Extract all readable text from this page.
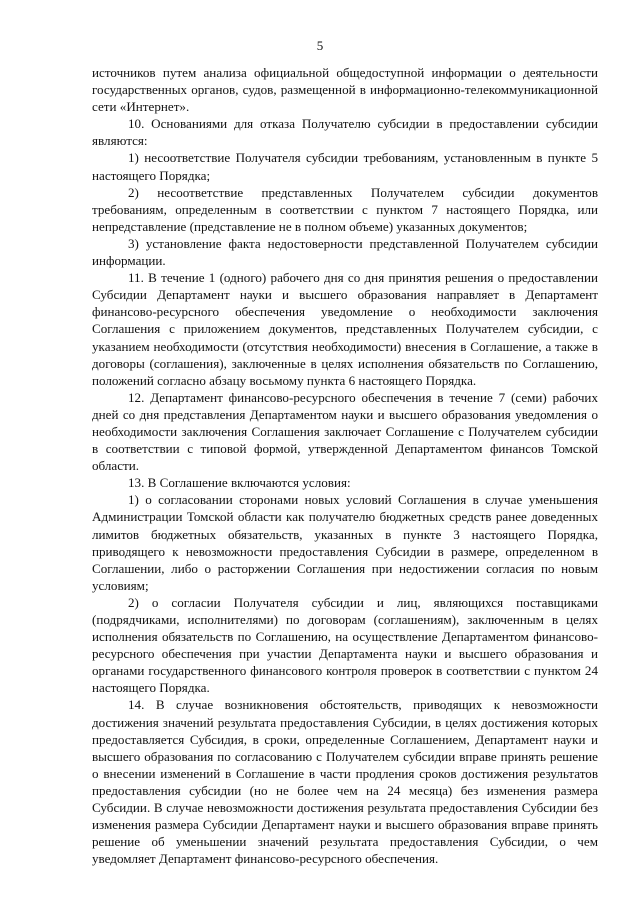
5

источников путем анализа официальной общедоступной информации о деятельности государственных органов, судов, размещенной в информационно-телекоммуникационной сети «Интернет».

10. Основаниями для отказа Получателю субсидии в предоставлении субсидии являются:

1) несоответствие Получателя субсидии требованиям, установленным в пункте 5 настоящего Порядка;

2) несоответствие представленных Получателем субсидии документов требованиям, определенным в соответствии с пунктом 7 настоящего Порядка, или непредставление (представление не в полном объеме) указанных документов;

3) установление факта недостоверности представленной Получателем субсидии информации.

11. В течение 1 (одного) рабочего дня со дня принятия решения о предоставлении Субсидии Департамент науки и высшего образования направляет в Департамент финансово-ресурсного обеспечения уведомление о необходимости заключения Соглашения с приложением документов, представленных Получателем субсидии, с указанием необходимости (отсутствия необходимости) внесения в Соглашение, а также в договоры (соглашения), заключенные в целях исполнения обязательств по Соглашению, положений согласно абзацу восьмому пункта 6 настоящего Порядка.

12. Департамент финансово-ресурсного обеспечения в течение 7 (семи) рабочих дней со дня представления Департаментом науки и высшего образования уведомления о необходимости заключения Соглашения заключает Соглашение с Получателем субсидии в соответствии с типовой формой, утвержденной Департаментом финансов Томской области.

13. В Соглашение включаются условия:

1) о согласовании сторонами новых условий Соглашения в случае уменьшения Администрации Томской области как получателю бюджетных средств ранее доведенных лимитов бюджетных обязательств, указанных в пункте 3 настоящего Порядка, приводящего к невозможности предоставления Субсидии в размере, определенном в Соглашении, либо о расторжении Соглашения при недостижении согласия по новым условиям;

2) о согласии Получателя субсидии и лиц, являющихся поставщиками (подрядчиками, исполнителями) по договорам (соглашениям), заключенным в целях исполнения обязательств по Соглашению, на осуществление Департаментом финансово-ресурсного обеспечения при участии Департамента науки и высшего образования и органами государственного финансового контроля проверок в соответствии с пунктом 24 настоящего Порядка.

14. В случае возникновения обстоятельств, приводящих к невозможности достижения значений результата предоставления Субсидии, в целях достижения которых предоставляется Субсидия, в сроки, определенные Соглашением, Департамент науки и высшего образования по согласованию с Получателем субсидии вправе принять решение о внесении изменений в Соглашение в части продления сроков достижения результатов предоставления субсидии (но не более чем на 24 месяца) без изменения размера Субсидии. В случае невозможности достижения результата предоставления Субсидии без изменения размера Субсидии Департамент науки и высшего образования вправе принять решение об уменьшении значений результата предоставления Субсидии, о чем уведомляет Департамент финансово-ресурсного обеспечения.
